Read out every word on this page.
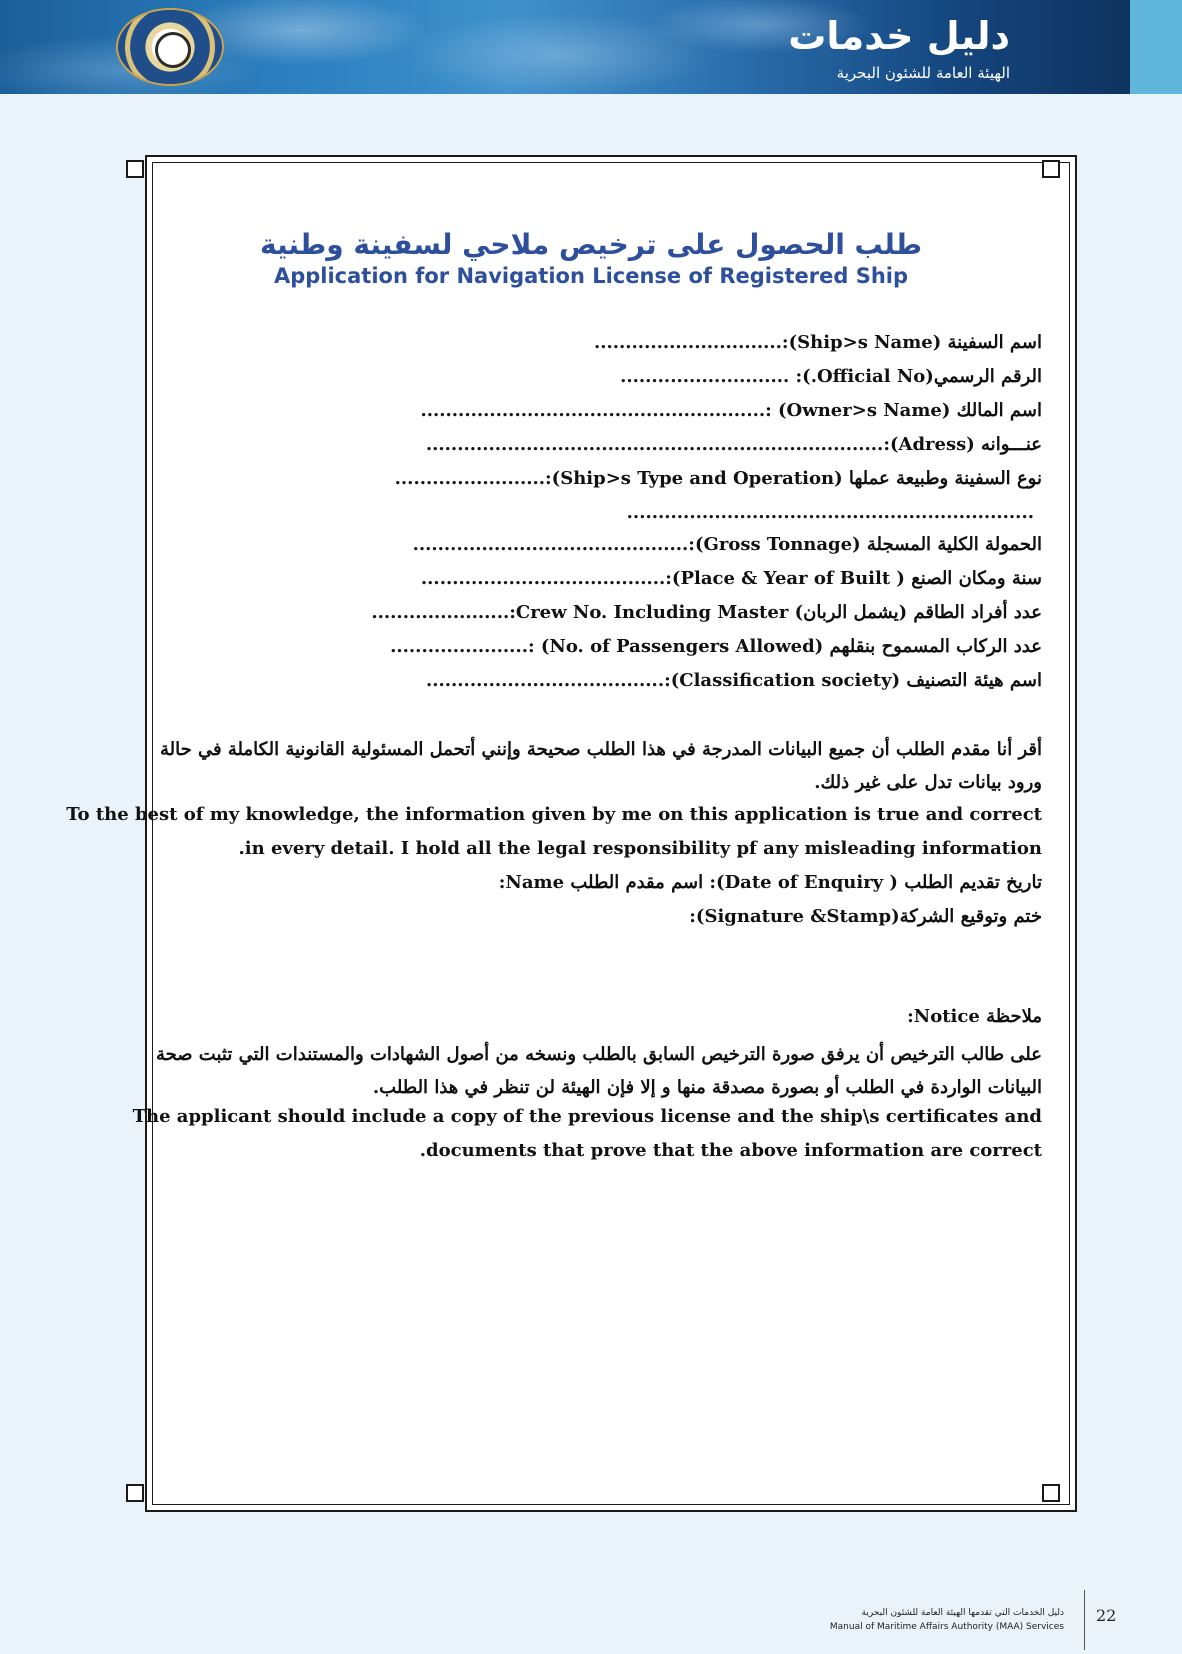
دليل خدمات
الهيئة العامة للشئون البحرية
طلب الحصول على ترخيص ملاحي لسفينة وطنية
Application for Navigation License of Registered Ship
اسم السفينة (Ship>s Name):..............................
الرقم الرسمي(Official No.): ...........................
اسم المالك (Owner>s Name) :.......................................................
عنـــوانه (Adress):.........................................................................
نوع السفينة وطبيعة عملها (Ship>s Type and Operation):........................
.................................................................
الحمولة الكلية المسجلة (Gross Tonnage):............................................
سنة ومكان الصنع ( Place & Year of Built):.......................................
عدد أفراد الطاقم (يشمل الربان) Crew No. Including Master:......................
عدد الركاب المسموح بنقلهم (No. of Passengers Allowed) :......................
اسم هيئة التصنيف (Classification society):......................................
أقر أنا مقدم الطلب أن جميع البيانات المدرجة في هذا الطلب صحيحة وإنني أتحمل المسئولية القانونية الكاملة في حالة ورود بيانات تدل على غير ذلك.
To the best of my knowledge, the information given by me on this application is true and correct
.in every detail. I hold all the legal responsibility pf any misleading information
تاريخ تقديم الطلب ( Date of Enquiry): اسم مقدم الطلب Name:
ختم وتوقيع الشركة(Signature &Stamp):
ملاحظة Notice:
على طالب الترخيص أن يرفق صورة الترخيص السابق بالطلب ونسخه من أصول الشهادات والمستندات التي تثبت صحة البيانات الواردة في الطلب أو بصورة مصدقة منها و إلا فإن الهيئة لن تنظر في هذا الطلب.
The applicant should include a copy of the previous license and the ship\s certificates and
.documents that prove that the above information are correct
دليل الخدمات التي تقدمها الهيئة العامة للشئون البحرية
Manual of Maritime Affairs Authority (MAA) Services
22
